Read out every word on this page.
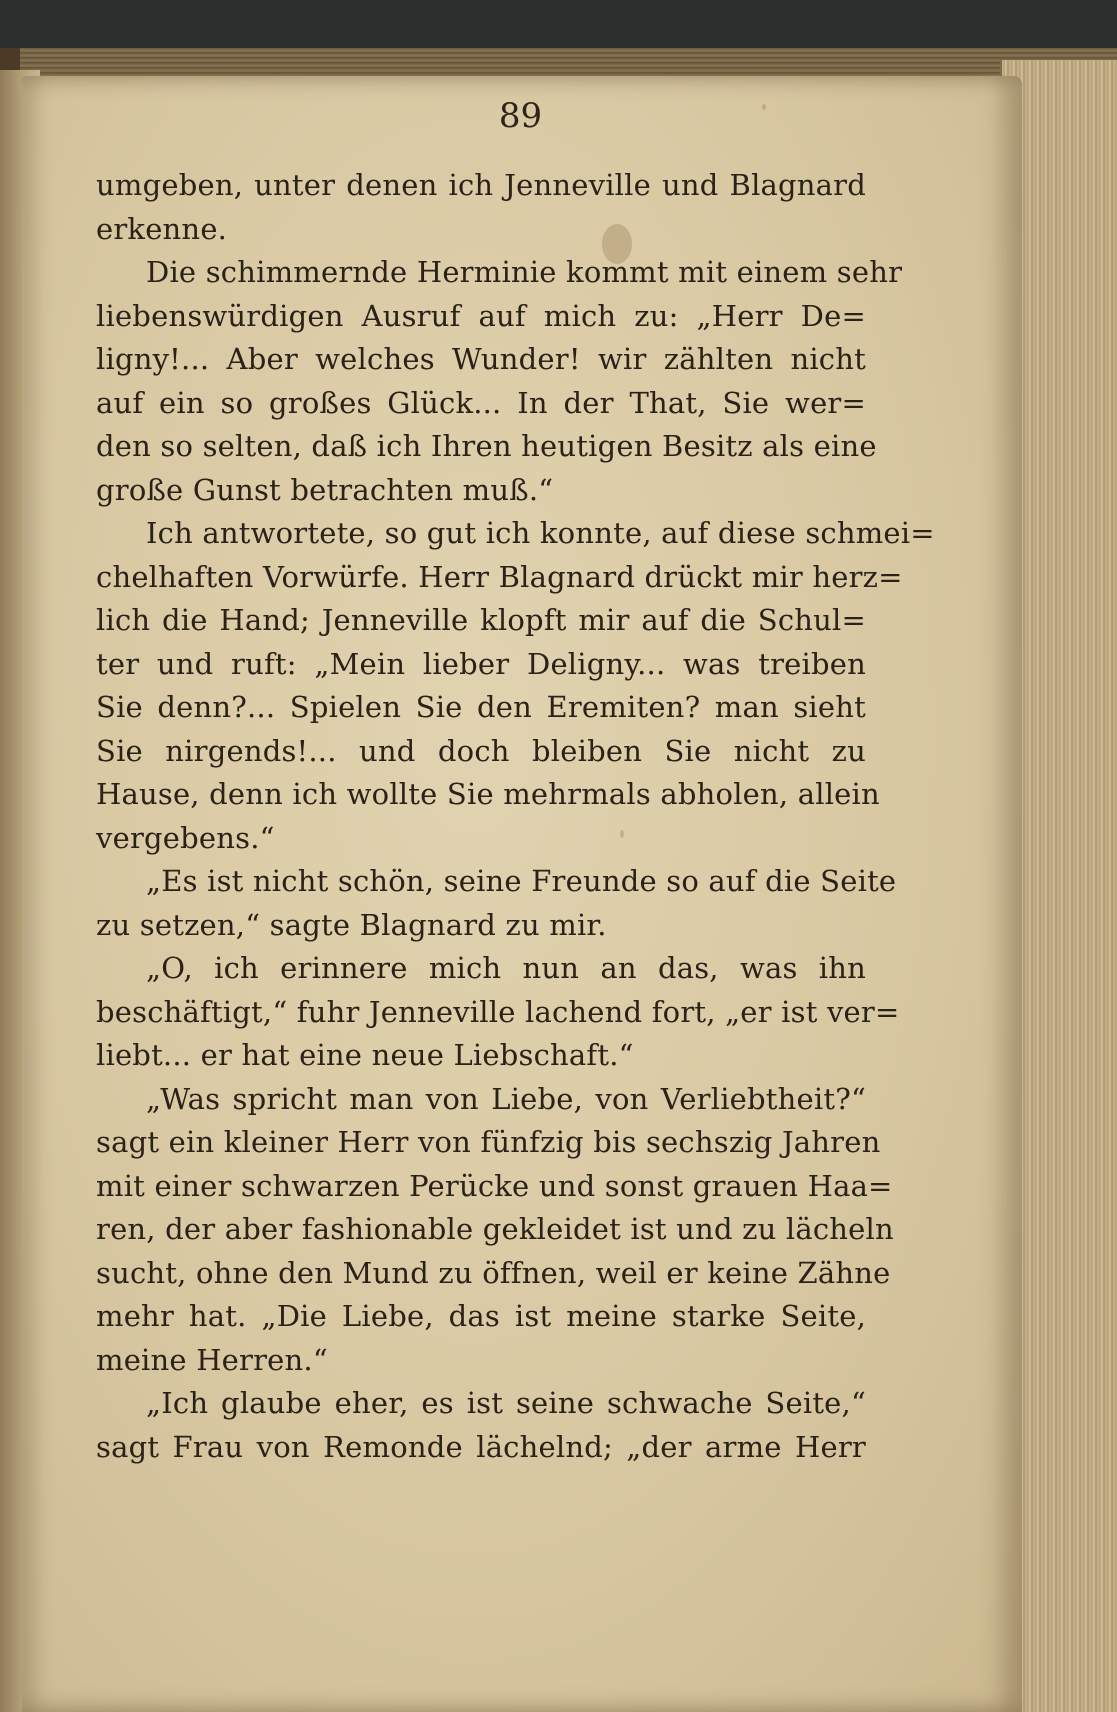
89
umgeben, unter denen ich Jenneville und Blagnard
erkenne.
Die schimmernde Herminie kommt mit einem sehr
liebenswürdigen Ausruf auf mich zu: „Herr De=
ligny!... Aber welches Wunder! wir zählten nicht
auf ein so großes Glück... In der That, Sie wer=
den so selten, daß ich Ihren heutigen Besitz als eine
große Gunst betrachten muß.“
Ich antwortete, so gut ich konnte, auf diese schmei=
chelhaften Vorwürfe. Herr Blagnard drückt mir herz=
lich die Hand; Jenneville klopft mir auf die Schul=
ter und ruft: „Mein lieber Deligny... was treiben
Sie denn?... Spielen Sie den Eremiten? man sieht
Sie nirgends!... und doch bleiben Sie nicht zu
Hause, denn ich wollte Sie mehrmals abholen, allein
vergebens.“
„Es ist nicht schön, seine Freunde so auf die Seite
zu setzen,“ sagte Blagnard zu mir.
„O, ich erinnere mich nun an das, was ihn
beschäftigt,“ fuhr Jenneville lachend fort, „er ist ver=
liebt... er hat eine neue Liebschaft.“
„Was spricht man von Liebe, von Verliebtheit?“
sagt ein kleiner Herr von fünfzig bis sechszig Jahren
mit einer schwarzen Perücke und sonst grauen Haa=
ren, der aber fashionable gekleidet ist und zu lächeln
sucht, ohne den Mund zu öffnen, weil er keine Zähne
mehr hat. „Die Liebe, das ist meine starke Seite,
meine Herren.“
„Ich glaube eher, es ist seine schwache Seite,“
sagt Frau von Remonde lächelnd; „der arme Herr
